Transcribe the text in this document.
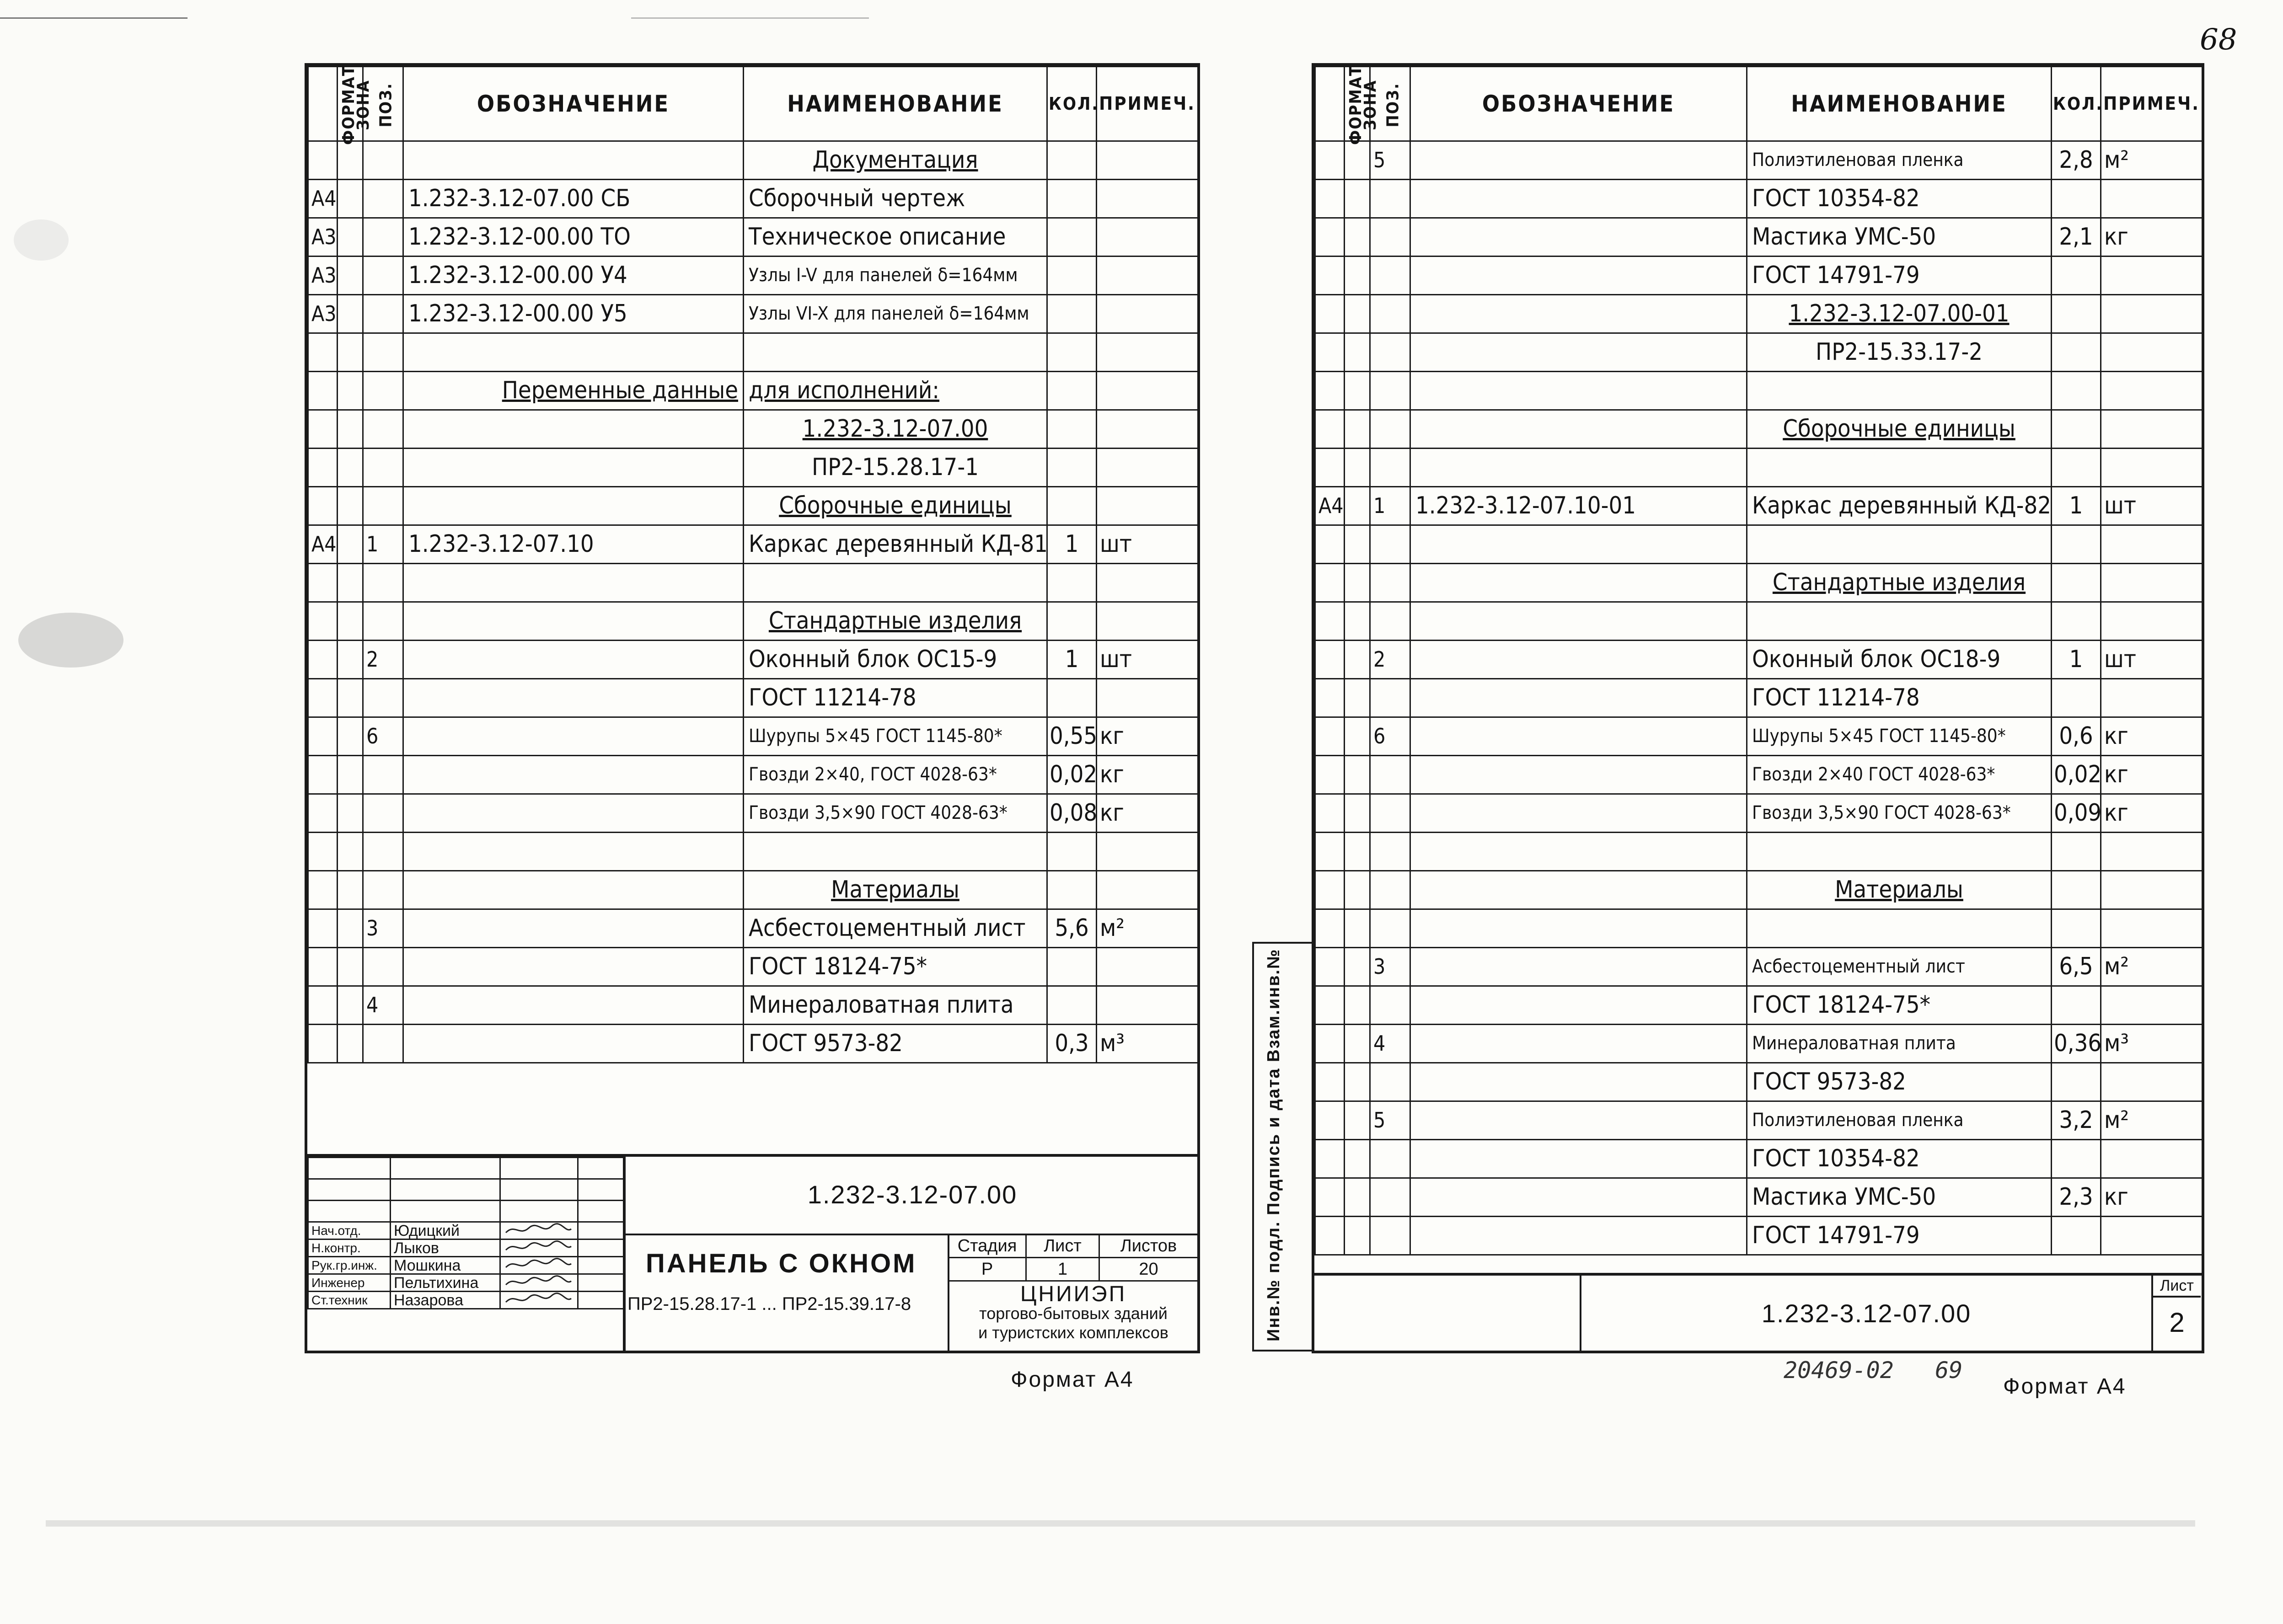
68
ФОРМАТ	ЗОНА	ПОЗ.	ОБОЗНАЧЕНИЕ	НАИМЕНОВАНИЕ	КОЛ.	ПРИМЕЧ.
				Документация		
А4			1.232-3.12-07.00 СБ	Сборочный чертеж		
А3			1.232-3.12-00.00 ТО	Техническое описание		
А3			1.232-3.12-00.00 У4	Узлы I-V для панелей δ=164мм		
А3			1.232-3.12-00.00 У5	Узлы VI-X для панелей δ=164мм		

			Переменные данные	для исполнений:		
				1.232-3.12-07.00		
				ПР2-15.28.17-1		
				Сборочные единицы		
А4		1	1.232-3.12-07.10	Каркас деревянный КД-81	1	шт

				Стандартные изделия		
		2		Оконный блок ОС15-9	1	шт
				ГОСТ 11214-78		
		6		Шурупы 5×45 ГОСТ 1145-80*	0,55	кг
				Гвозди 2×40, ГОСТ 4028-63*	0,02	кг
				Гвозди 3,5×90 ГОСТ 4028-63*	0,08	кг

				Материалы		
		3		Асбестоцементный лист	5,6	м²
				ГОСТ 18124-75*		
		4		Минераловатная плита		
				ГОСТ 9573-82	0,3	м³

Нач.отд.	Юдицкий		
Н.контр.	Лыков		
Рук.гр.инж.	Мошкина		
Инженер	Пельтихина		
Ст.техник	Назарова		
1.232-3.12-07.00
ПАНЕЛЬ С ОКНОМ
ПР2-15.28.17-1 ... ПР2-15.39.17-8
Стадия	Лист	Листов
Р	1	20
ЦНИИЭП
торгово-бытовых зданий
и туристских комплексов
Формат А4
Инв.№ подл. Подпись и дата Взам.инв.№
ФОРМАТ	ЗОНА	ПОЗ.	ОБОЗНАЧЕНИЕ	НАИМЕНОВАНИЕ	КОЛ.	ПРИМЕЧ.
		5		Полиэтиленовая пленка	2,8	м²
				ГОСТ 10354-82		
				Мастика УМС-50	2,1	кг
				ГОСТ 14791-79		
				1.232-3.12-07.00-01		
				ПР2-15.33.17-2		

				Сборочные единицы		

А4		1	1.232-3.12-07.10-01	Каркас деревянный КД-82	1	шт

				Стандартные изделия		

		2		Оконный блок ОС18-9	1	шт
				ГОСТ 11214-78		
		6		Шурупы 5×45 ГОСТ 1145-80*	0,6	кг
				Гвозди 2×40 ГОСТ 4028-63*	0,02	кг
				Гвозди 3,5×90 ГОСТ 4028-63*	0,09	кг

				Материалы		

		3		Асбестоцементный лист	6,5	м²
				ГОСТ 18124-75*		
		4		Минераловатная плита	0,36	м³
				ГОСТ 9573-82		
		5		Полиэтиленовая пленка	3,2	м²
				ГОСТ 10354-82		
				Мастика УМС-50	2,3	кг
				ГОСТ 14791-79		
1.232-3.12-07.00
Лист
2
20469-02 69
Формат А4
